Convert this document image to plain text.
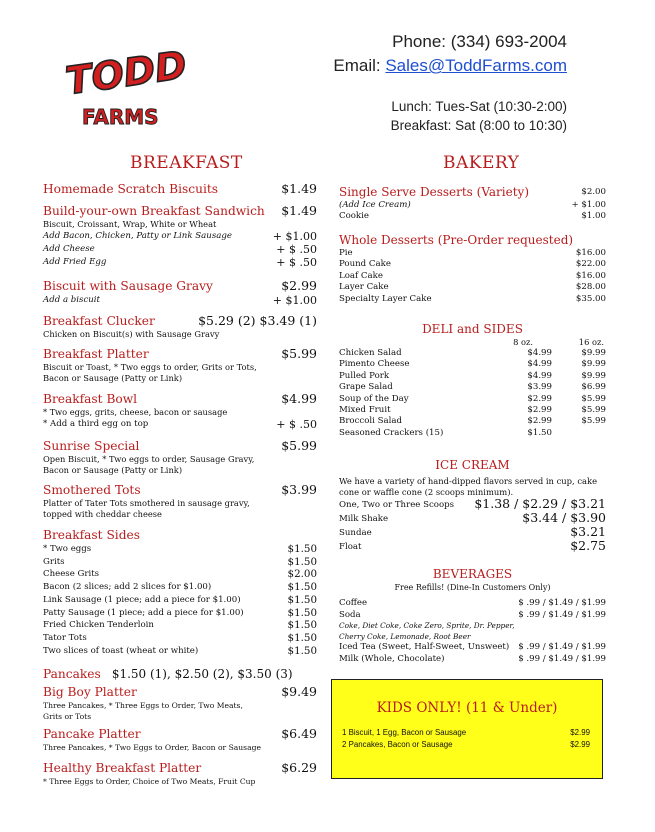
TODD
FARMS
Phone: (334) 693-2004
Email: Sales@ToddFarms.com
Lunch: Tues-Sat (10:30-2:00)
Breakfast: Sat (8:00 to 10:30)
BREAKFAST
Homemade Scratch Biscuits	$1.49
Build-your-own Breakfast Sandwich	$1.49
Biscuit, Croissant, Wrap, White or Wheat
Add Bacon, Chicken, Patty or Link Sausage	+ $1.00
Add Cheese	+ $ .50
Add Fried Egg	+ $ .50
Biscuit with Sausage Gravy	$2.99
Add a biscuit	+ $1.00
Breakfast Clucker	$5.29 (2) $3.49 (1)
Chicken on Biscuit(s) with Sausage Gravy
Breakfast Platter	$5.99
Biscuit or Toast, * Two eggs to order, Grits or Tots,
Bacon or Sausage (Patty or Link)
Breakfast Bowl	$4.99
* Two eggs, grits, cheese, bacon or sausage
* Add a third egg on top	+ $ .50
Sunrise Special	$5.99
Open Biscuit, * Two eggs to order, Sausage Gravy,
Bacon or Sausage (Patty or Link)
Smothered Tots	$3.99
Platter of Tater Tots smothered in sausage gravy,
topped with cheddar cheese
Breakfast Sides
* Two eggs	$1.50
Grits	$1.50
Cheese Grits	$2.00
Bacon (2 slices; add 2 slices for $1.00)	$1.50
Link Sausage (1 piece; add a piece for $1.00)	$1.50
Patty Sausage (1 piece; add a piece for $1.00)	$1.50
Fried Chicken Tenderloin	$1.50
Tator Tots	$1.50
Two slices of toast (wheat or white)	$1.50
Pancakes $1.50 (1), $2.50 (2), $3.50 (3)
Big Boy Platter	$9.49
Three Pancakes, * Three Eggs to Order, Two Meats,
Grits or Tots
Pancake Platter	$6.49
Three Pancakes, * Two Eggs to Order, Bacon or Sausage
Healthy Breakfast Platter	$6.29
* Three Eggs to Order, Choice of Two Meats, Fruit Cup
BAKERY
Single Serve Desserts (Variety)	$2.00
(Add Ice Cream)	+ $1.00
Cookie	$1.00
Whole Desserts (Pre-Order requested)
Pie	$16.00
Pound Cake	$22.00
Loaf Cake	$16.00
Layer Cake	$28.00
Specialty Layer Cake	$35.00
DELI and SIDES
8 oz.	16 oz.
Chicken Salad	$4.99	$9.99
Pimento Cheese	$4.99	$9.99
Pulled Pork	$4.99	$9.99
Grape Salad	$3.99	$6.99
Soup of the Day	$2.99	$5.99
Mixed Fruit	$2.99	$5.99
Broccoli Salad	$2.99	$5.99
Seasoned Crackers (15)	$1.50
ICE CREAM
We have a variety of hand-dipped flavors served in cup, cake
cone or waffle cone (2 scoops minimum).
One, Two or Three Scoops $1.38 / $2.29 / $3.21
Milk Shake	$3.44 / $3.90
Sundae	$3.21
Float	$2.75
BEVERAGES
Free Refills! (Dine-In Customers Only)
Coffee	$ .99 / $1.49 / $1.99
Soda	$ .99 / $1.49 / $1.99
Coke, Diet Coke, Coke Zero, Sprite, Dr. Pepper,
Cherry Coke, Lemonade, Root Beer
Iced Tea (Sweet, Half-Sweet, Unsweet) $ .99 / $1.49 / $1.99
Milk (Whole, Chocolate)	$ .99 / $1.49 / $1.99
KIDS ONLY! (11 & Under)
1 Biscuit, 1 Egg, Bacon or Sausage	$2.99
2 Pancakes, Bacon or Sausage	$2.99
